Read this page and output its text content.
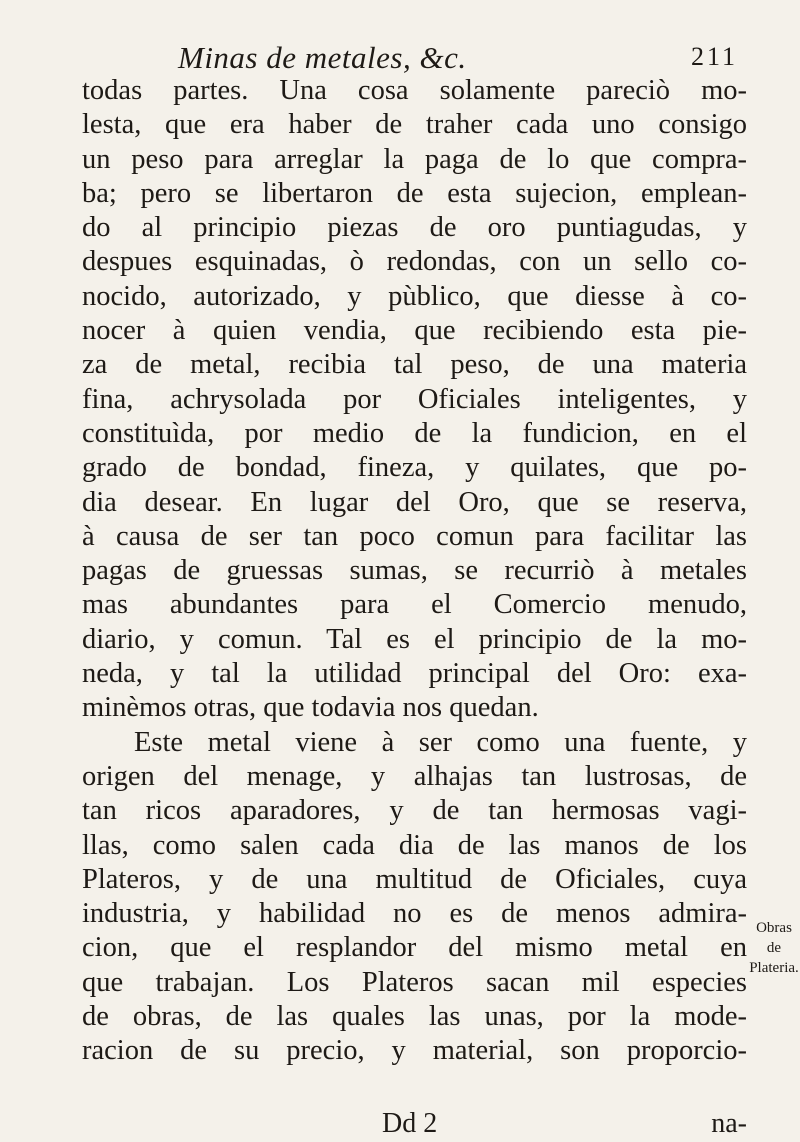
Minas de metales, &c.	211
todas partes. Una cosa solamente pareciò mo-
lesta, que era haber de traher cada uno consigo
un peso para arreglar la paga de lo que compra-
ba; pero se libertaron de esta sujecion, emplean-
do al principio piezas de oro puntiagudas, y
despues esquinadas, ò redondas, con un sello co-
nocido, autorizado, y pùblico, que diesse à co-
nocer à quien vendia, que recibiendo esta pie-
za de metal, recibia tal peso, de una materia
fina, achrysolada por Oficiales inteligentes, y
constituìda, por medio de la fundicion, en el
grado de bondad, fineza, y quilates, que po-
dia desear. En lugar del Oro, que se reserva,
à causa de ser tan poco comun para facilitar las
pagas de gruessas sumas, se recurriò à metales
mas abundantes para el Comercio menudo,
diario, y comun. Tal es el principio de la mo-
neda, y tal la utilidad principal del Oro: exa-
minèmos otras, que todavia nos quedan.
Este metal viene à ser como una fuente, y
origen del menage, y alhajas tan lustrosas, de
tan ricos aparadores, y de tan hermosas vagi-
llas, como salen cada dia de las manos de los
Plateros, y de una multitud de Oficiales, cuya
industria, y habilidad no es de menos admira-
cion, que el resplandor del mismo metal en
que trabajan. Los Plateros sacan mil especies
de obras, de las quales las unas, por la mode-
racion de su precio, y material, son proporcio-
Obras de
Plateria.
Dd 2	na-
